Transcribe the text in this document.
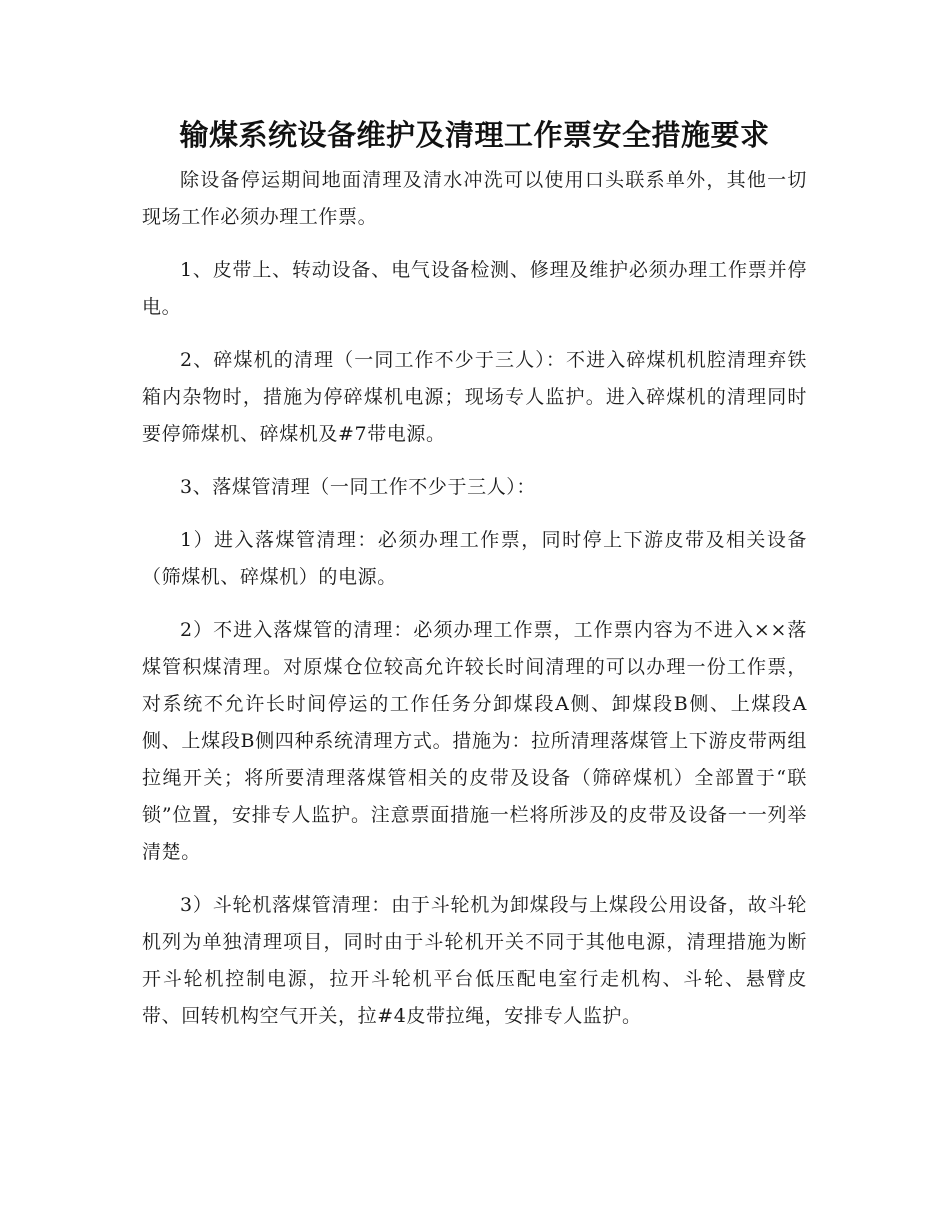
输煤系统设备维护及清理工作票安全措施要求

除设备停运期间地面清理及清水冲洗可以使用口头联系单外，其他一切现场工作必须办理工作票。

1、皮带上、转动设备、电气设备检测、修理及维护必须办理工作票并停电。

2、碎煤机的清理（一同工作不少于三人）：不进入碎煤机机腔清理弃铁箱内杂物时，措施为停碎煤机电源；现场专人监护。进入碎煤机的清理同时要停筛煤机、碎煤机及#7带电源。

3、落煤管清理（一同工作不少于三人）：

1）进入落煤管清理：必须办理工作票，同时停上下游皮带及相关设备（筛煤机、碎煤机）的电源。

2）不进入落煤管的清理：必须办理工作票，工作票内容为不进入××落煤管积煤清理。对原煤仓位较高允许较长时间清理的可以办理一份工作票，对系统不允许长时间停运的工作任务分卸煤段A侧、卸煤段B侧、上煤段A侧、上煤段B侧四种系统清理方式。措施为：拉所清理落煤管上下游皮带两组拉绳开关；将所要清理落煤管相关的皮带及设备（筛碎煤机）全部置于“联锁”位置，安排专人监护。注意票面措施一栏将所涉及的皮带及设备一一列举清楚。

3）斗轮机落煤管清理：由于斗轮机为卸煤段与上煤段公用设备，故斗轮机列为单独清理项目，同时由于斗轮机开关不同于其他电源，清理措施为断开斗轮机控制电源，拉开斗轮机平台低压配电室行走机构、斗轮、悬臂皮带、回转机构空气开关，拉#4皮带拉绳，安排专人监护。
